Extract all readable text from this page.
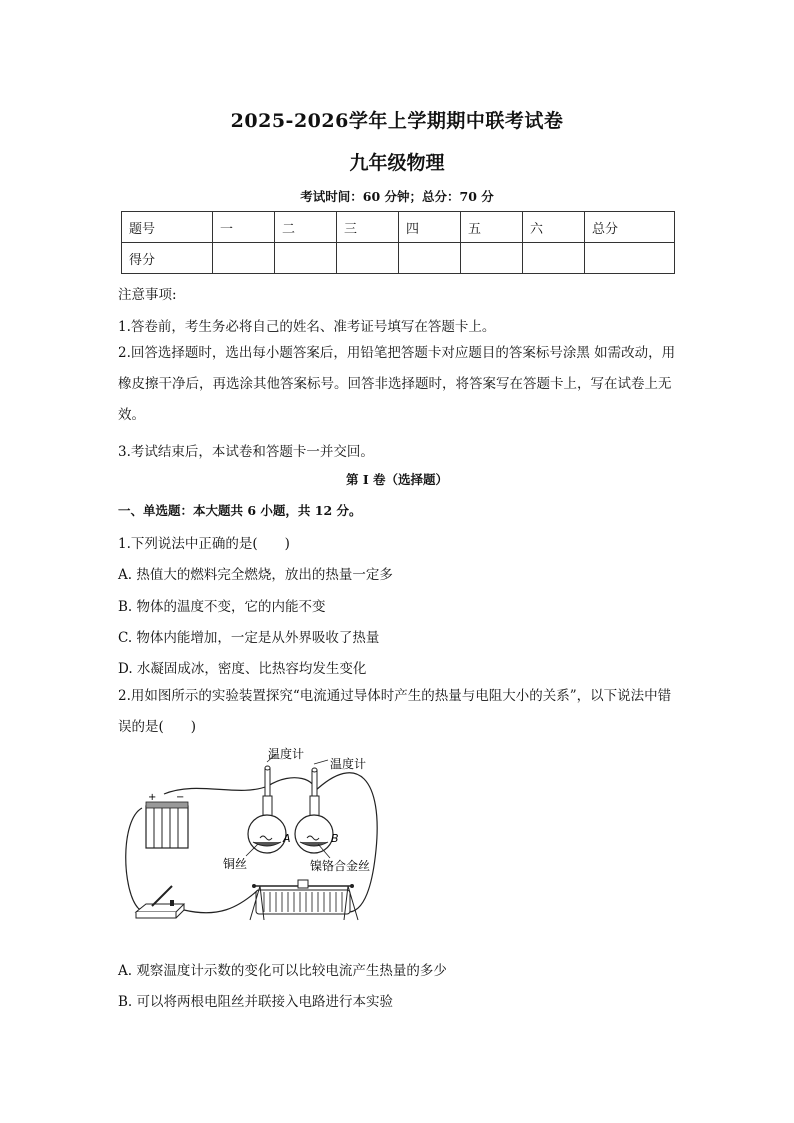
2025-2026学年上学期期中联考试卷
九年级物理
考试时间：60 分钟；总分：70 分
题号	一	二	三	四	五	六	总分
得分							
注意事项:
1.答卷前，考生务必将自己的姓名、准考证号填写在答题卡上。
2.回答选择题时，选出每小题答案后，用铅笔把答题卡对应题目的答案标号涂黑 如需改动，用橡皮擦干净后，再选涂其他答案标号。回答非选择题时，将答案写在答题卡上，写在试卷上无效。
3.考试结束后，本试卷和答题卡一并交回。
第 I 卷（选择题）
一、单选题：本大题共 6 小题，共 12 分。
1.下列说法中正确的是(　　)
A. 热值大的燃料完全燃烧，放出的热量一定多
B. 物体的温度不变，它的内能不变
C. 物体内能增加，一定是从外界吸收了热量
D. 水凝固成冰，密度、比热容均发生变化
2.用如图所示的实验装置探究“电流通过导体时产生的热量与电阻大小的关系”，以下说法中错误的是(　　)
+ −
A	B
温度计
温度计
铜丝	镍铬合金丝
A. 观察温度计示数的变化可以比较电流产生热量的多少
B. 可以将两根电阻丝并联接入电路进行本实验
